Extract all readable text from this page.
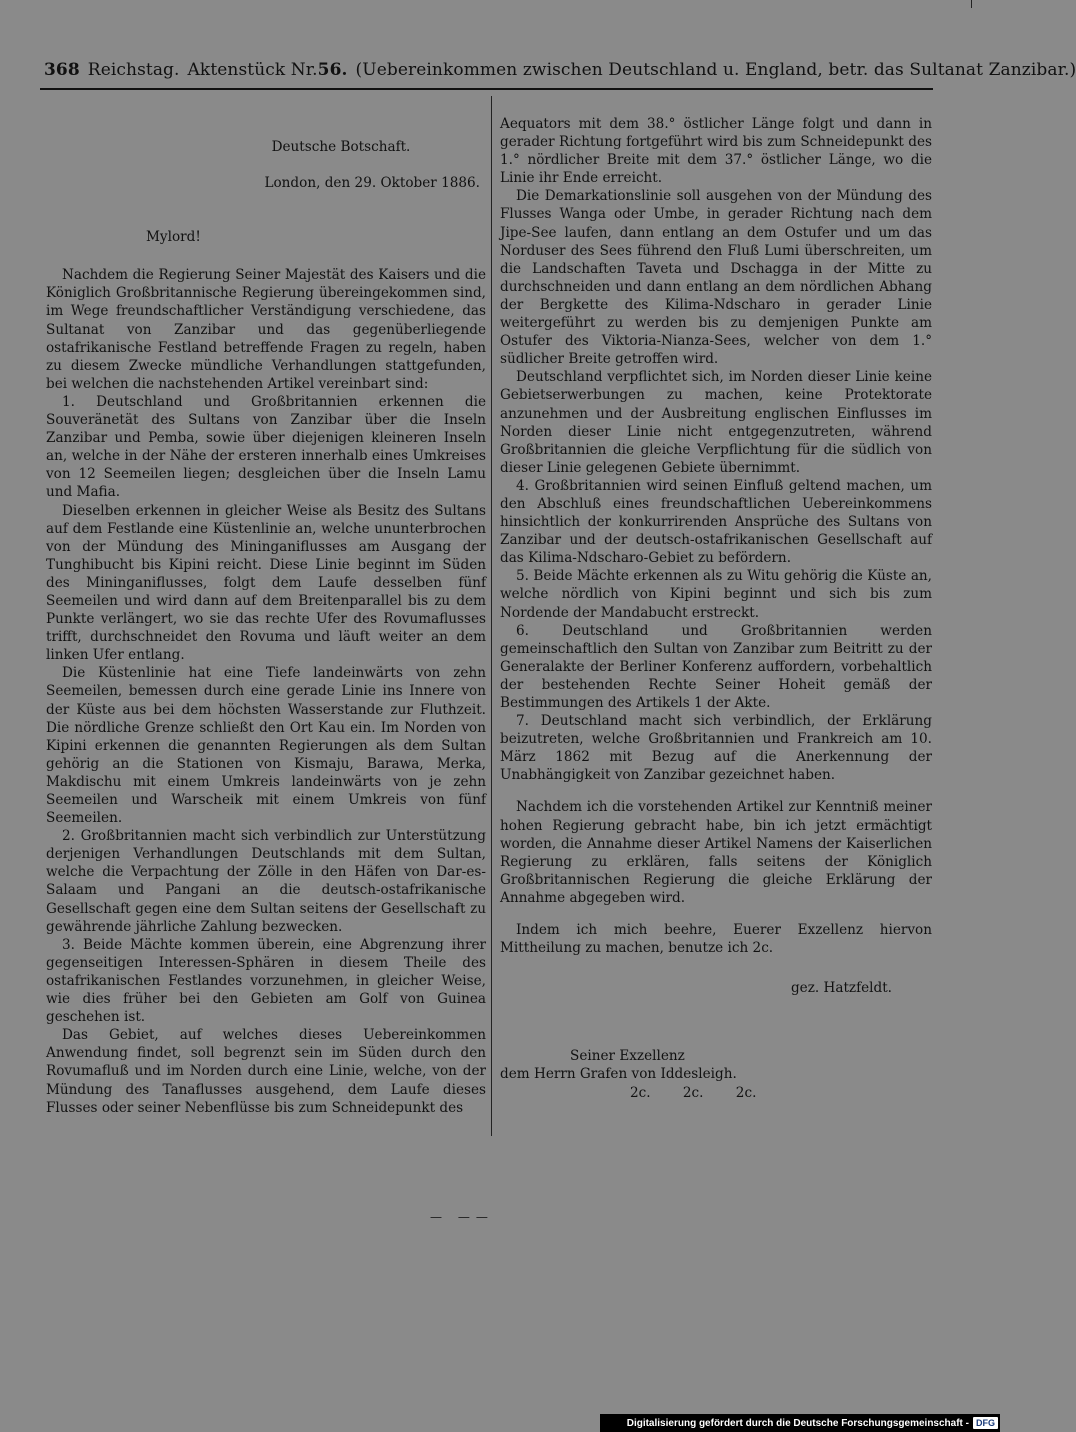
368 Reichstag. Aktenstück Nr.56. (Uebereinkommen zwischen Deutschland u. England, betr. das Sultanat Zanzibar.)

Deutsche Botschaft.

London, den 29. Oktober 1886.

Mylord!

Nachdem die Regierung Seiner Majestät des Kaisers und die Königlich Großbritannische Regierung übereingekommen sind, im Wege freundschaftlicher Verständigung verschiedene, das Sultanat von Zanzibar und das gegenüberliegende ostafrikanische Festland betreffende Fragen zu regeln, haben zu diesem Zwecke mündliche Verhandlungen stattgefunden, bei welchen die nachstehenden Artikel vereinbart sind:

1. Deutschland und Großbritannien erkennen die Souveränetät des Sultans von Zanzibar über die Inseln Zanzibar und Pemba, sowie über diejenigen kleineren Inseln an, welche in der Nähe der ersteren innerhalb eines Umkreises von 12 Seemeilen liegen; desgleichen über die Inseln Lamu und Mafia.

Dieselben erkennen in gleicher Weise als Besitz des Sultans auf dem Festlande eine Küstenlinie an, welche ununterbrochen von der Mündung des Mininganiflusses am Ausgang der Tunghibucht bis Kipini reicht. Diese Linie beginnt im Süden des Mininganiflusses, folgt dem Laufe desselben fünf Seemeilen und wird dann auf dem Breitenparallel bis zu dem Punkte verlängert, wo sie das rechte Ufer des Rovumaflusses trifft, durchschneidet den Rovuma und läuft weiter an dem linken Ufer entlang.

Die Küstenlinie hat eine Tiefe landeinwärts von zehn Seemeilen, bemessen durch eine gerade Linie ins Innere von der Küste aus bei dem höchsten Wasserstande zur Fluthzeit. Die nördliche Grenze schließt den Ort Kau ein. Im Norden von Kipini erkennen die genannten Regierungen als dem Sultan gehörig an die Stationen von Kismaju, Barawa, Merka, Makdischu mit einem Umkreis landeinwärts von je zehn Seemeilen und Warscheik mit einem Umkreis von fünf Seemeilen.

2. Großbritannien macht sich verbindlich zur Unterstützung derjenigen Verhandlungen Deutschlands mit dem Sultan, welche die Verpachtung der Zölle in den Häfen von Dar-es-Salaam und Pangani an die deutsch-ostafrikanische Gesellschaft gegen eine dem Sultan seitens der Gesellschaft zu gewährende jährliche Zahlung bezwecken.

3. Beide Mächte kommen überein, eine Abgrenzung ihrer gegenseitigen Interessen-Sphären in diesem Theile des ostafrikanischen Festlandes vorzunehmen, in gleicher Weise, wie dies früher bei den Gebieten am Golf von Guinea geschehen ist.

Das Gebiet, auf welches dieses Uebereinkommen Anwendung findet, soll begrenzt sein im Süden durch den Rovumafluß und im Norden durch eine Linie, welche, von der Mündung des Tanaflusses ausgehend, dem Laufe dieses Flusses oder seiner Nebenflüsse bis zum Schneidepunkt des

Aequators mit dem 38.° östlicher Länge folgt und dann in gerader Richtung fortgeführt wird bis zum Schneidepunkt des 1.° nördlicher Breite mit dem 37.° östlicher Länge, wo die Linie ihr Ende erreicht.

Die Demarkationslinie soll ausgehen von der Mündung des Flusses Wanga oder Umbe, in gerader Richtung nach dem Jipe-See laufen, dann entlang an dem Ostufer und um das Norduser des Sees führend den Fluß Lumi überschreiten, um die Landschaften Taveta und Dschagga in der Mitte zu durchschneiden und dann entlang an dem nördlichen Abhang der Bergkette des Kilima-Ndscharo in gerader Linie weitergeführt zu werden bis zu demjenigen Punkte am Ostufer des Viktoria-Nianza-Sees, welcher von dem 1.° südlicher Breite getroffen wird.

Deutschland verpflichtet sich, im Norden dieser Linie keine Gebietserwerbungen zu machen, keine Protektorate anzunehmen und der Ausbreitung englischen Einflusses im Norden dieser Linie nicht entgegenzutreten, während Großbritannien die gleiche Verpflichtung für die südlich von dieser Linie gelegenen Gebiete übernimmt.

4. Großbritannien wird seinen Einfluß geltend machen, um den Abschluß eines freundschaftlichen Uebereinkommens hinsichtlich der konkurrirenden Ansprüche des Sultans von Zanzibar und der deutsch-ostafrikanischen Gesellschaft auf das Kilima-Ndscharo-Gebiet zu befördern.

5. Beide Mächte erkennen als zu Witu gehörig die Küste an, welche nördlich von Kipini beginnt und sich bis zum Nordende der Mandabucht erstreckt.

6. Deutschland und Großbritannien werden gemeinschaftlich den Sultan von Zanzibar zum Beitritt zu der Generalakte der Berliner Konferenz auffordern, vorbehaltlich der bestehenden Rechte Seiner Hoheit gemäß der Bestimmungen des Artikels 1 der Akte.

7. Deutschland macht sich verbindlich, der Erklärung beizutreten, welche Großbritannien und Frankreich am 10. März 1862 mit Bezug auf die Anerkennung der Unabhängigkeit von Zanzibar gezeichnet haben.

Nachdem ich die vorstehenden Artikel zur Kenntniß meiner hohen Regierung gebracht habe, bin ich jetzt ermächtigt worden, die Annahme dieser Artikel Namens der Kaiserlichen Regierung zu erklären, falls seitens der Königlich Großbritannischen Regierung die gleiche Erklärung der Annahme abgegeben wird.

Indem ich mich beehre, Euerer Exzellenz hiervon Mittheilung zu machen, benutze ich 2c.

gez. Hatzfeldt.

Seiner Exzellenz

dem Herrn Grafen von Iddesleigh.

2c. 2c. 2c.

— ——
Digitalisierung gefördert durch die Deutsche Forschungsgemeinschaft - DFG
